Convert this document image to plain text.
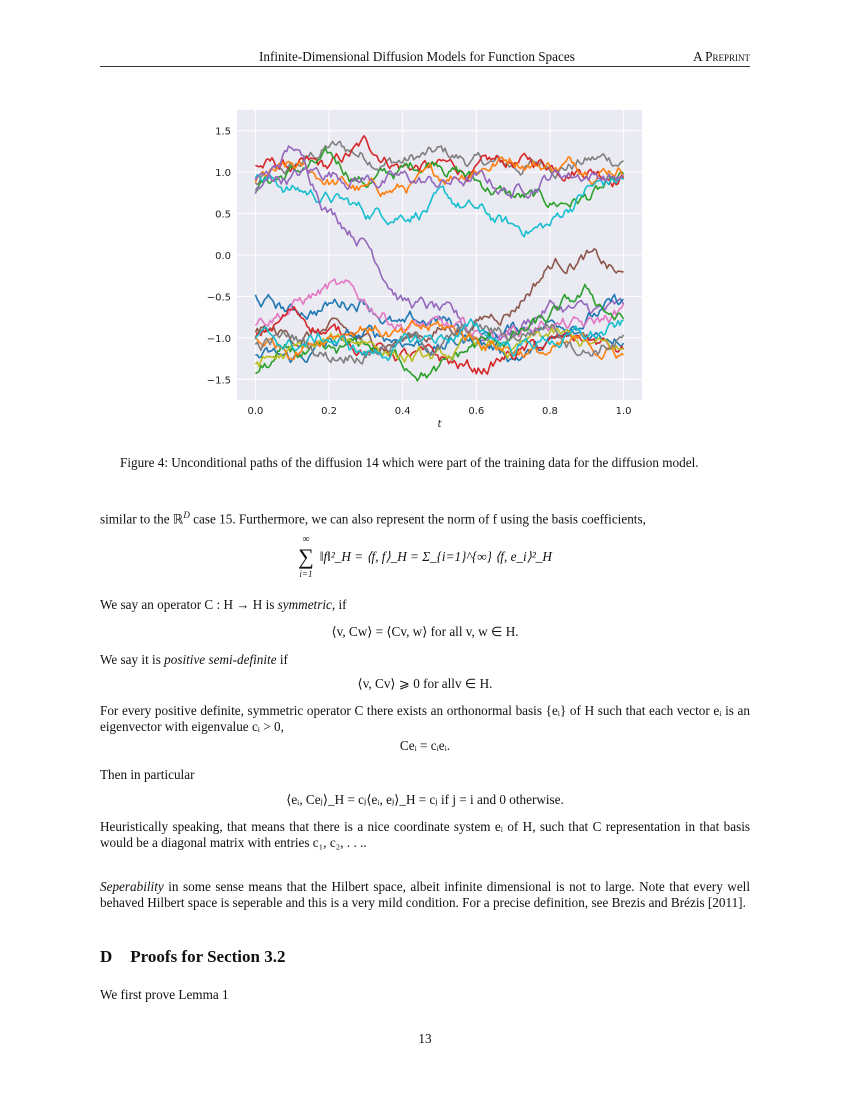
Infinite-Dimensional Diffusion Models for Function Spaces	A Preprint
0.0	0.2	0.4	0.6	0.8	1.0
1.5
1.0
0.5
0.0
−0.5
−1.0
−1.5
t
Figure 4: Unconditional paths of the diffusion 14 which were part of the training data for the diffusion model.
similar to the ℝ$^D$ case 15. Furthermore, we can also represent the norm of f using the basis coefficients,
∞
∑
i=1
‖f‖²_H = ⟨f, f⟩_H = Σ_{i=1}^{∞} ⟨f, e_i⟩²_H
We say an operator C : H → H is symmetric, if
⟨v, Cw⟩ = ⟨Cv, w⟩ for all v, w ∈ H.
We say it is positive semi-definite if
⟨v, Cv⟩ ⩾ 0 for allv ∈ H.
For every positive definite, symmetric operator C there exists an orthonormal basis {eᵢ} of H such that each vector eᵢ is an eigenvector with eigenvalue cᵢ > 0,
Ceᵢ = cᵢeᵢ.
Then in particular
⟨eᵢ, Ceⱼ⟩_H = cⱼ⟨eᵢ, eⱼ⟩_H = cⱼ if j = i and 0 otherwise.
Heuristically speaking, that means that there is a nice coordinate system eᵢ of H, such that C representation in that basis would be a diagonal matrix with entries c₁, c₂, . . ..
Seperability in some sense means that the Hilbert space, albeit infinite dimensional is not to large. Note that every well behaved Hilbert space is seperable and this is a very mild condition. For a precise definition, see Brezis and Brézis [2011].
D Proofs for Section 3.2
We first prove Lemma 1
13
